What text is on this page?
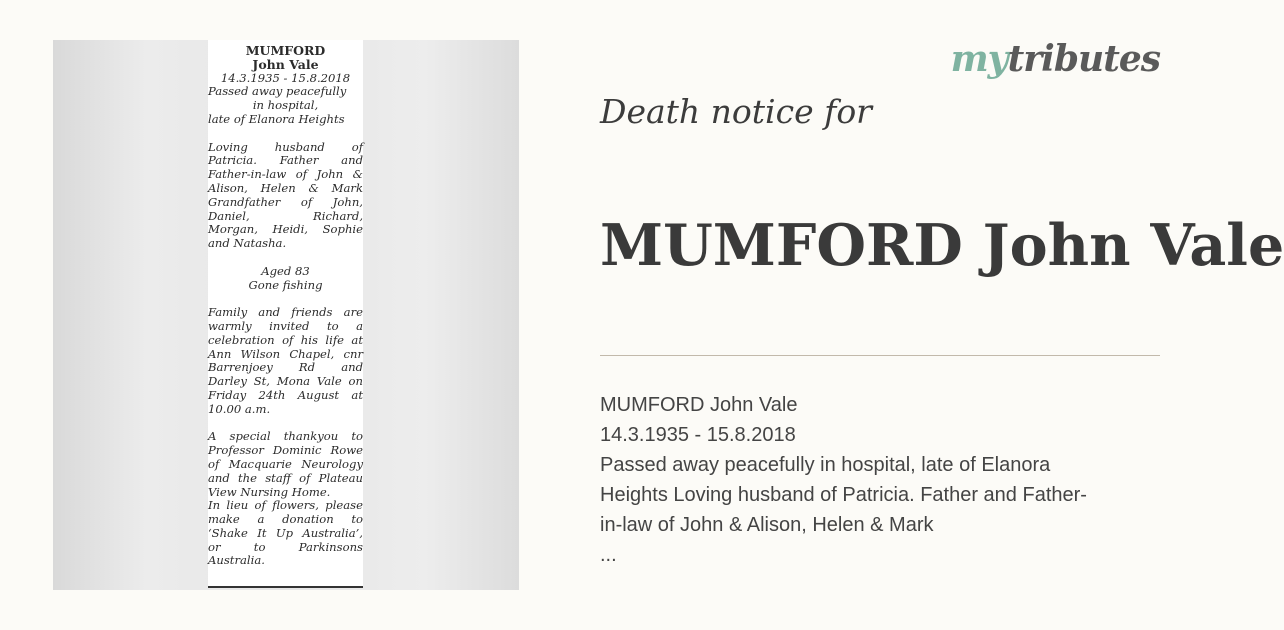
MUMFORD
John Vale
14.3.1935 - 15.8.2018
Passed away peacefully
in hospital,
late of Elanora Heights
Loving husband of
Patricia. Father and
Father-in-law of John &
Alison, Helen & Mark
Grandfather of John,
Daniel, Richard,
Morgan, Heidi, Sophie
and Natasha.
Aged 83
Gone fishing
Family and friends are
warmly invited to a
celebration of his life at
Ann Wilson Chapel, cnr
Barrenjoey Rd and
Darley St, Mona Vale on
Friday 24th August at
10.00 a.m.
A special thankyou to
Professor Dominic Rowe
of Macquarie Neurology
and the staff of Plateau
View Nursing Home.
In lieu of flowers, please
make a donation to
‘Shake It Up Australia’,
or to Parkinsons
Australia.
mytributes
Death notice for
MUMFORD John Vale
MUMFORD John Vale
14.3.1935 - 15.8.2018
Passed away peacefully in hospital, late of Elanora
Heights Loving husband of Patricia. Father and Father-
in-law of John & Alison, Helen & Mark
...
